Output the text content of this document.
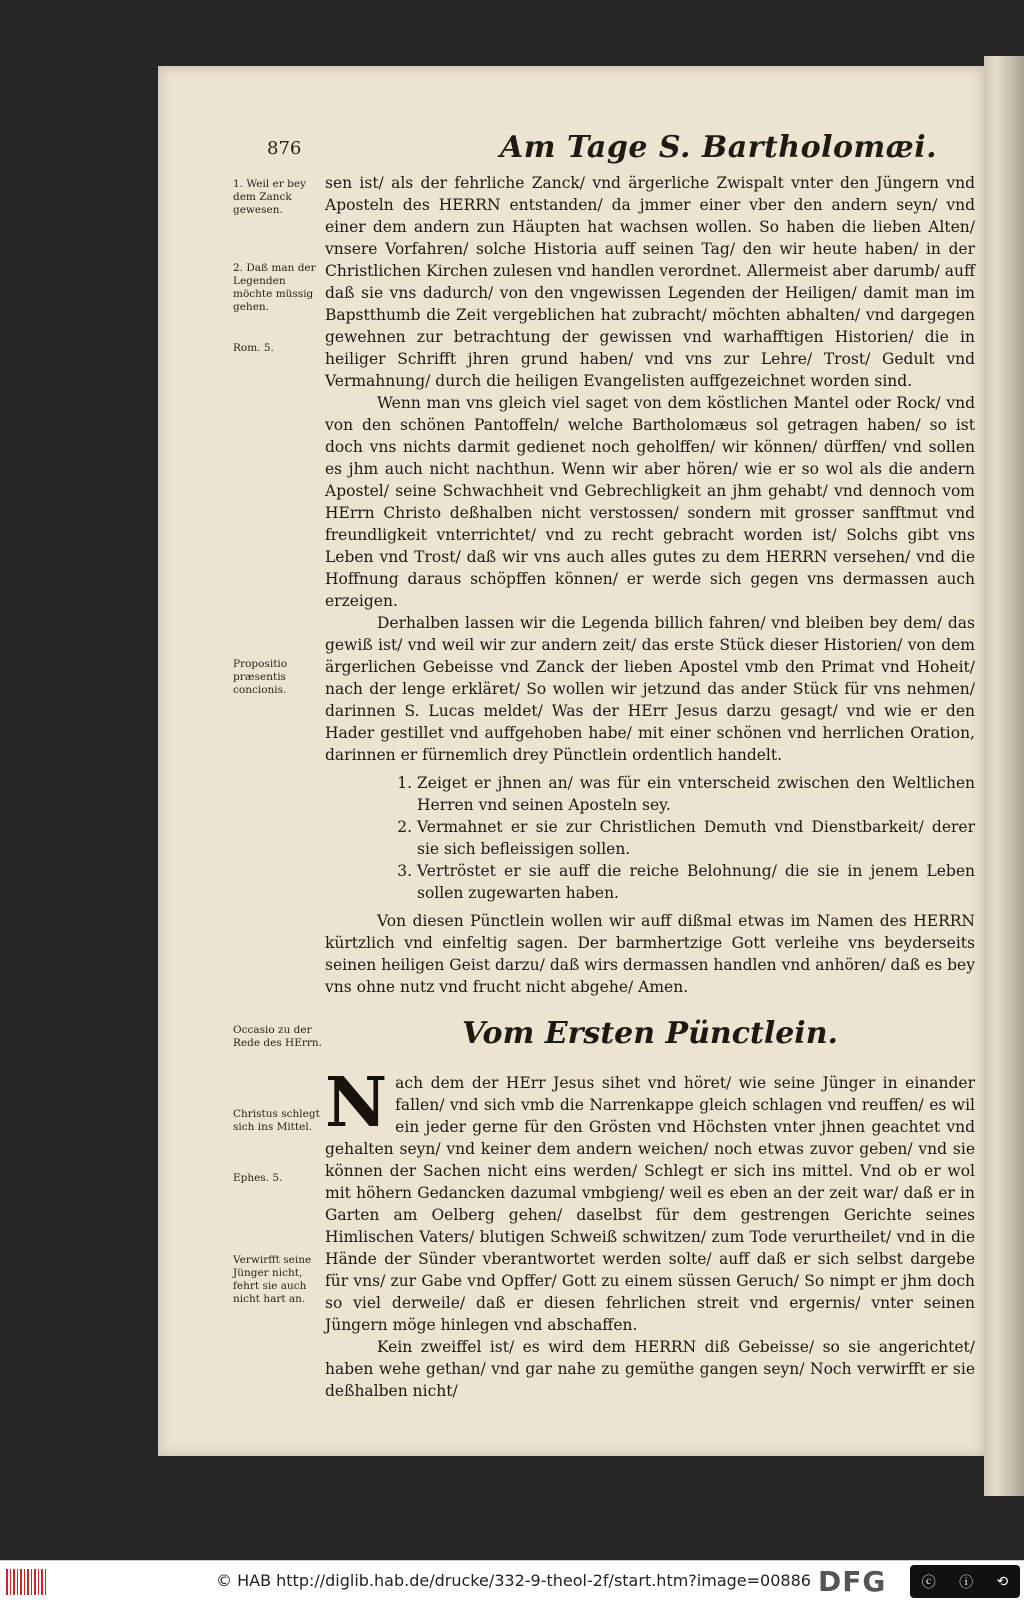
876	Am Tage S. Bartholomæi.
1. Weil er bey dem Zanck gewesen.
2. Daß man der Legenden möchte müssig gehen.
Rom. 5.
Propositio præsentis concionis.
Occasio zu der Rede des HErrn.
Christus schlegt sich ins Mittel.
Ephes. 5.
Verwirfft seine Jünger nicht, fehrt sie auch nicht hart an.

sen ist/ als der fehrliche Zanck/ vnd ärgerliche Zwispalt vnter den Jüngern vnd Aposteln des HERRN entstanden/ da jmmer einer vber den andern seyn/ vnd einer dem andern zun Häupten hat wachsen wollen. So haben die lieben Alten/ vnsere Vorfahren/ solche Historia auff seinen Tag/ den wir heute haben/ in der Christlichen Kirchen zulesen vnd handlen verordnet. Allermeist aber darumb/ auff daß sie vns dadurch/ von den vngewissen Legenden der Heiligen/ damit man im Bapstthumb die Zeit vergeblichen hat zubracht/ möchten abhalten/ vnd dargegen gewehnen zur betrachtung der gewissen vnd warhafftigen Historien/ die in heiliger Schrifft jhren grund haben/ vnd vns zur Lehre/ Trost/ Gedult vnd Vermahnung/ durch die heiligen Evangelisten auffgezeichnet worden sind.

Wenn man vns gleich viel saget von dem köstlichen Mantel oder Rock/ vnd von den schönen Pantoffeln/ welche Bartholomæus sol getragen haben/ so ist doch vns nichts darmit gedienet noch geholffen/ wir können/ dürffen/ vnd sollen es jhm auch nicht nachthun. Wenn wir aber hören/ wie er so wol als die andern Apostel/ seine Schwachheit vnd Gebrechligkeit an jhm gehabt/ vnd dennoch vom HErrn Christo deßhalben nicht verstossen/ sondern mit grosser sanfftmut vnd freundligkeit vnterrichtet/ vnd zu recht gebracht worden ist/ Solchs gibt vns Leben vnd Trost/ daß wir vns auch alles gutes zu dem HERRN versehen/ vnd die Hoffnung daraus schöpffen können/ er werde sich gegen vns dermassen auch erzeigen.

Derhalben lassen wir die Legenda billich fahren/ vnd bleiben bey dem/ das gewiß ist/ vnd weil wir zur andern zeit/ das erste Stück dieser Historien/ von dem ärgerlichen Gebeisse vnd Zanck der lieben Apostel vmb den Primat vnd Hoheit/ nach der lenge erkläret/ So wollen wir jetzund das ander Stück für vns nehmen/ darinnen S. Lucas meldet/ Was der HErr Jesus darzu gesagt/ vnd wie er den Hader gestillet vnd auffgehoben habe/ mit einer schönen vnd herrlichen Oration, darinnen er fürnemlich drey Pünctlein ordentlich handelt.

1. Zeiget er jhnen an/ was für ein vnterscheid zwischen den Weltlichen Herren vnd seinen Aposteln sey.
2. Vermahnet er sie zur Christlichen Demuth vnd Dienstbarkeit/ derer sie sich befleissigen sollen.
3. Vertröstet er sie auff die reiche Belohnung/ die sie in jenem Leben sollen zugewarten haben.

Von diesen Pünctlein wollen wir auff dißmal etwas im Namen des HERRN kürtzlich vnd einfeltig sagen. Der barmhertzige Gott verleihe vns beyderseits seinen heiligen Geist darzu/ daß wirs dermassen handlen vnd anhören/ daß es bey vns ohne nutz vnd frucht nicht abgehe/ Amen.

Vom Ersten Pünctlein.

Nach dem der HErr Jesus sihet vnd höret/ wie seine Jünger in einander fallen/ vnd sich vmb die Narrenkappe gleich schlagen vnd reuffen/ es wil ein jeder gerne für den Grösten vnd Höchsten vnter jhnen geachtet vnd gehalten seyn/ vnd keiner dem andern weichen/ noch etwas zuvor geben/ vnd sie können der Sachen nicht eins werden/ Schlegt er sich ins mittel. Vnd ob er wol mit höhern Gedancken dazumal vmbgieng/ weil es eben an der zeit war/ daß er in Garten am Oelberg gehen/ daselbst für dem gestrengen Gerichte seines Himlischen Vaters/ blutigen Schweiß schwitzen/ zum Tode verurtheilet/ vnd in die Hände der Sünder vberantwortet werden solte/ auff daß er sich selbst dargebe für vns/ zur Gabe vnd Opffer/ Gott zu einem süssen Geruch/ So nimpt er jhm doch so viel derweile/ daß er diesen fehrlichen streit vnd ergernis/ vnter seinen Jüngern möge hinlegen vnd abschaffen.

Kein zweiffel ist/ es wird dem HERRN diß Gebeisse/ so sie angerichtet/ haben wehe gethan/ vnd gar nahe zu gemüthe gangen seyn/ Noch verwirfft er sie deßhalben nicht/

© HAB http://diglib.hab.de/drucke/332-9-theol-2f/start.htm?image=00886 DFG	ⓒ ⓘ ⟲
